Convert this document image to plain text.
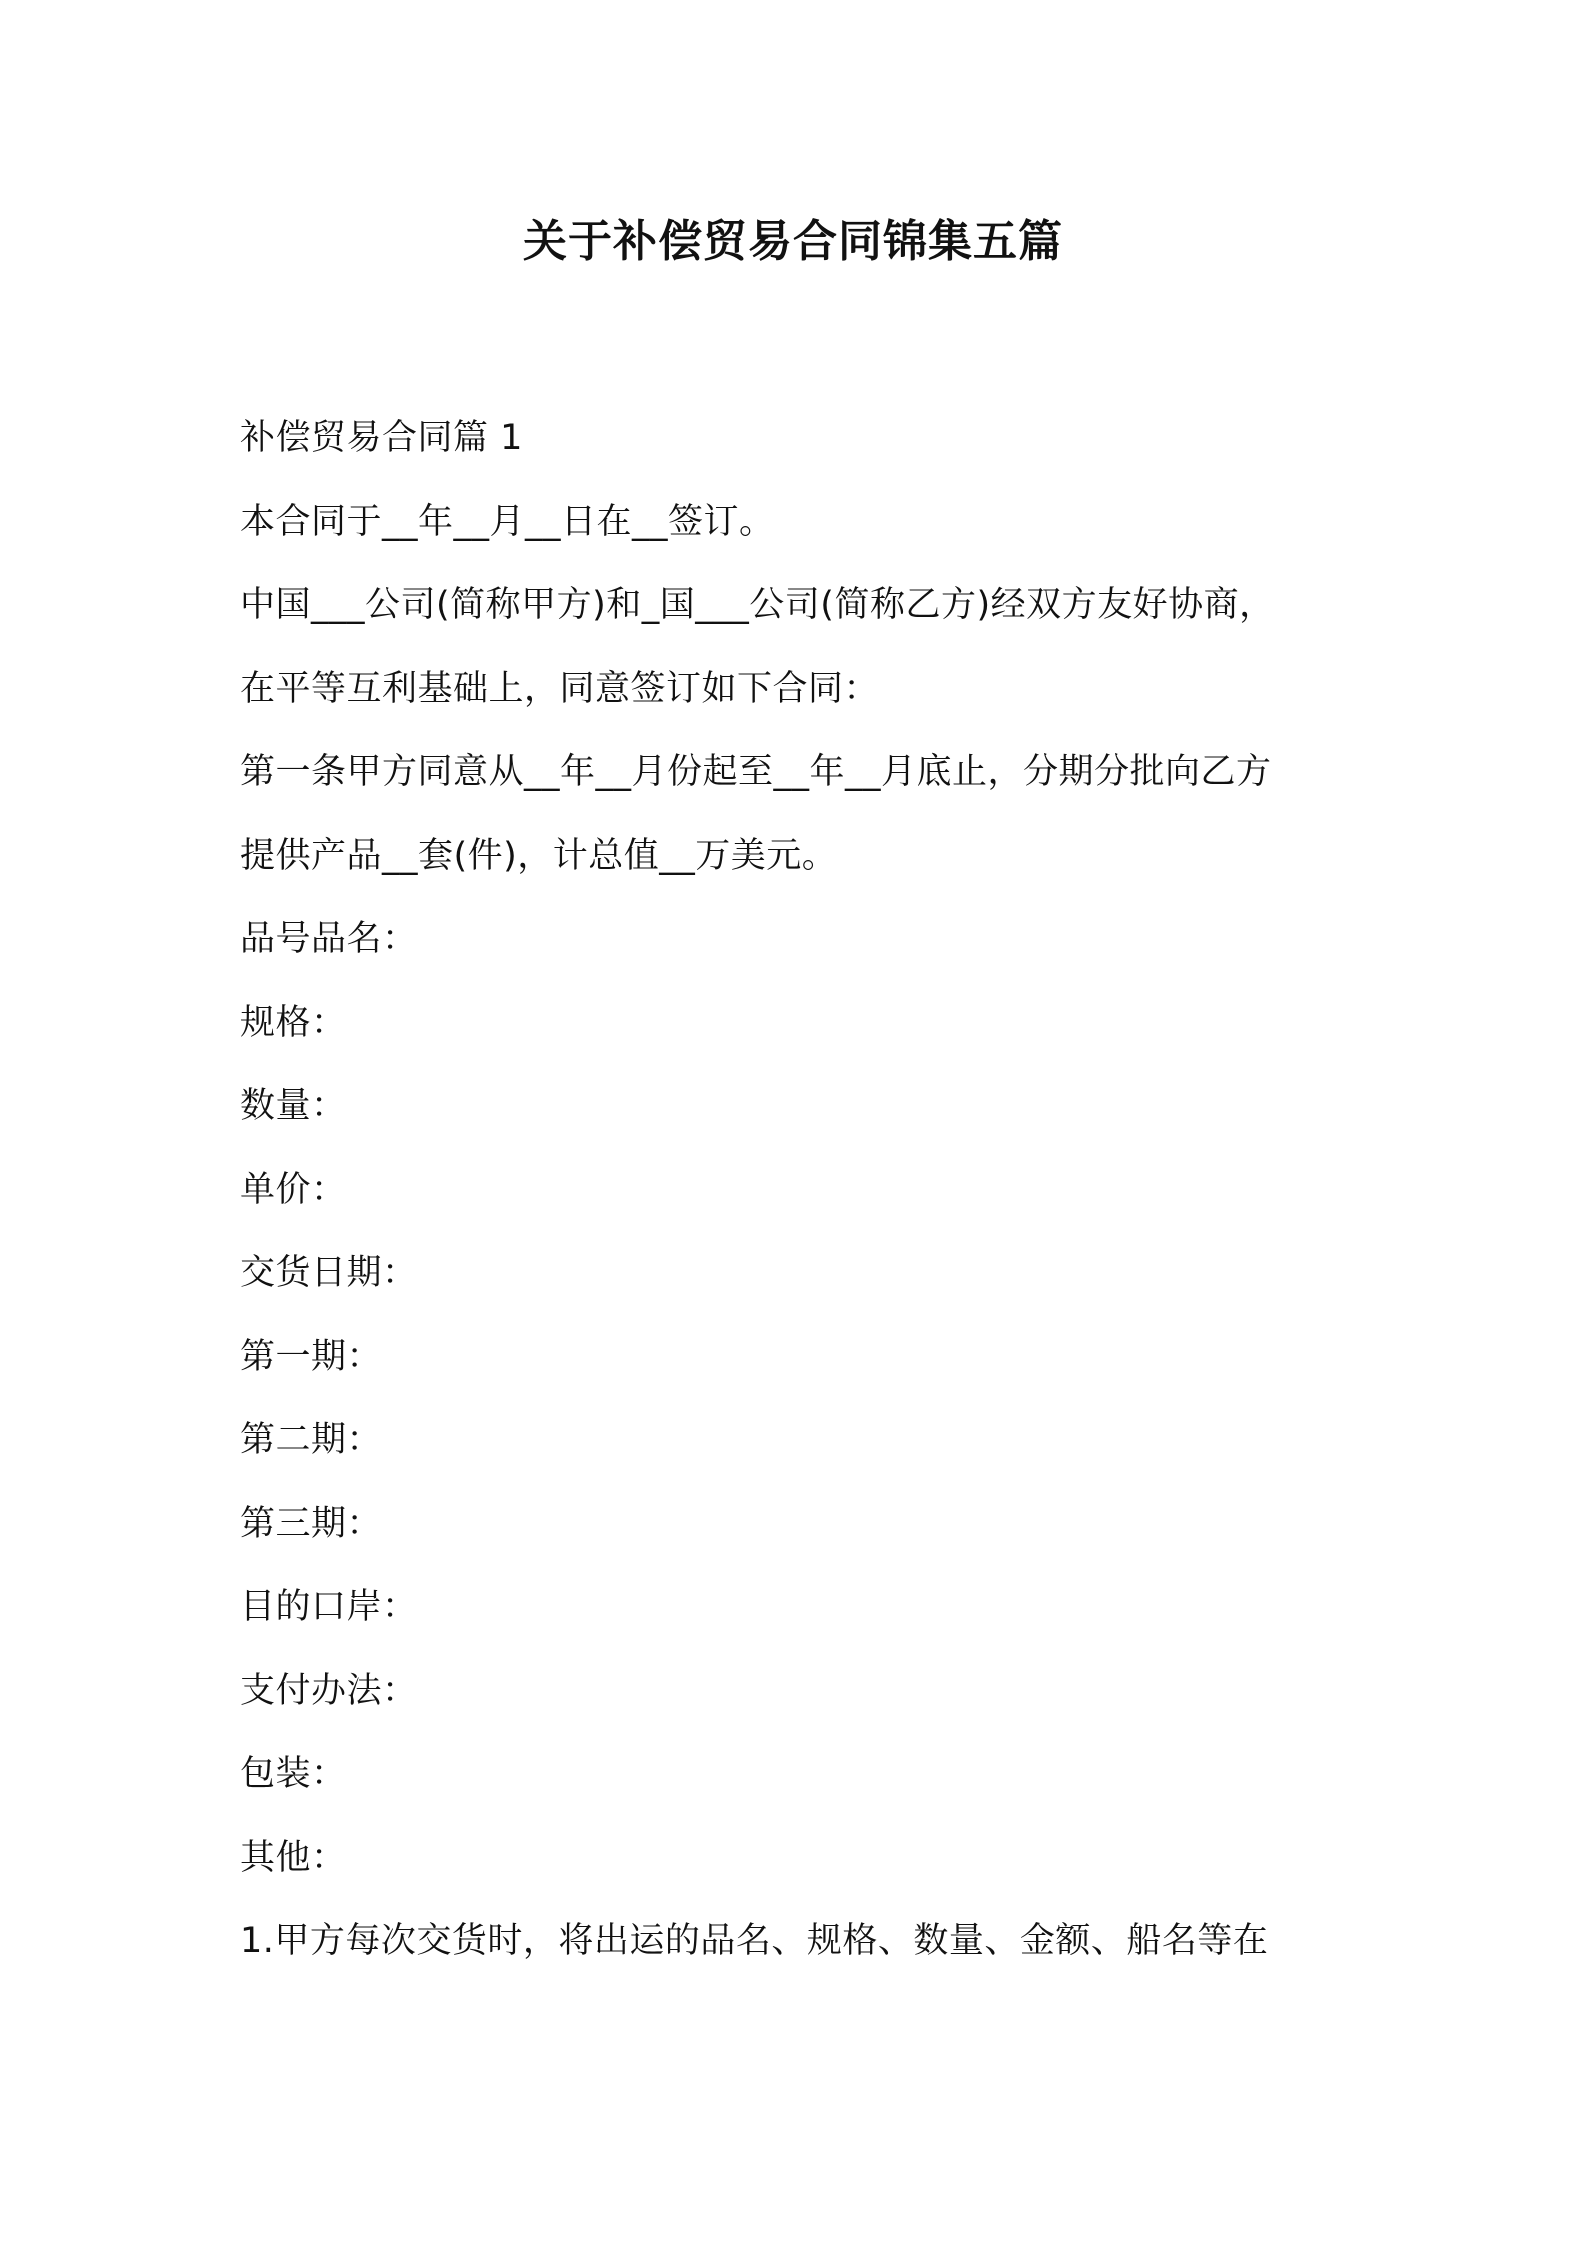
关于补偿贸易合同锦集五篇

补偿贸易合同篇 1

本合同于__年__月__日在__签订。

中国___公司(简称甲方)和_国___公司(简称乙方)经双方友好协商，

在平等互利基础上，同意签订如下合同：

第一条甲方同意从__年__月份起至__年__月底止，分期分批向乙方

提供产品__套(件)，计总值__万美元。

品号品名：

规格：

数量：

单价：

交货日期：

第一期：

第二期：

第三期：

目的口岸：

支付办法：

包装：

其他：

1.甲方每次交货时，将出运的品名、规格、数量、金额、船名等在
